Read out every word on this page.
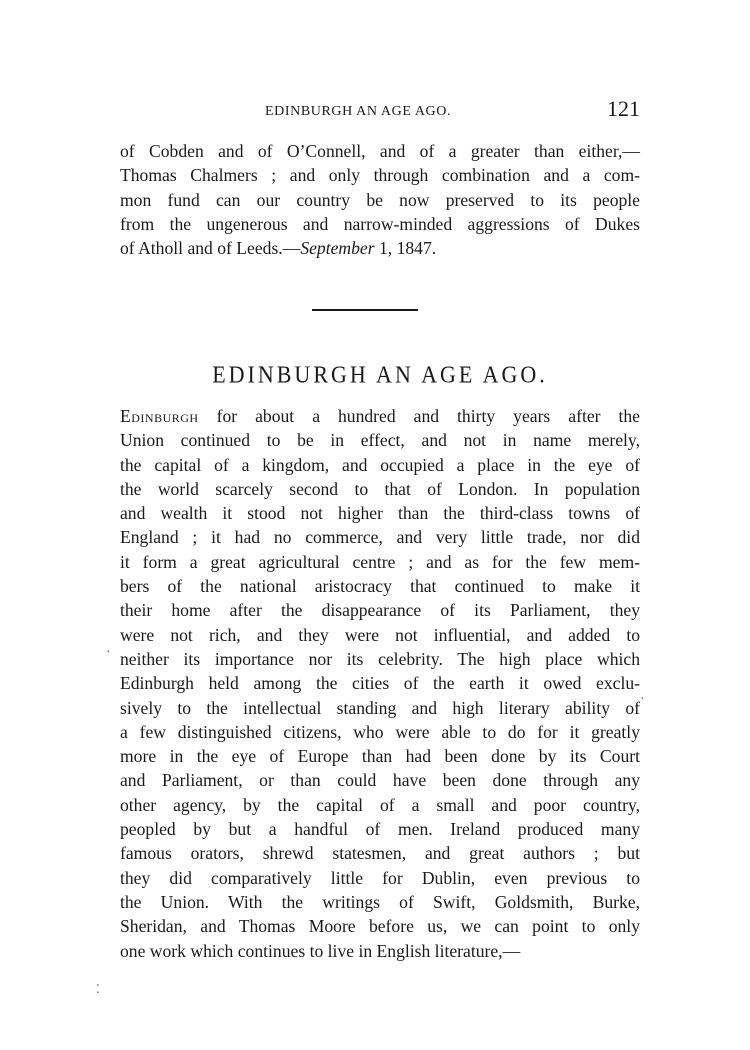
EDINBURGH AN AGE AGO.	121
of Cobden and of O’Connell, and of a greater than either,—
Thomas Chalmers ; and only through combination and a com-
mon fund can our country be now preserved to its people
from the ungenerous and narrow-minded aggressions of Dukes
of Atholl and of Leeds.—September 1, 1847.
EDINBURGH AN AGE AGO.
Edinburgh for about a hundred and thirty years after the
Union continued to be in effect, and not in name merely,
the capital of a kingdom, and occupied a place in the eye of
the world scarcely second to that of London. In population
and wealth it stood not higher than the third-class towns of
England ; it had no commerce, and very little trade, nor did
it form a great agricultural centre ; and as for the few mem-
bers of the national aristocracy that continued to make it
their home after the disappearance of its Parliament, they
were not rich, and they were not influential, and added to
neither its importance nor its celebrity. The high place which
Edinburgh held among the cities of the earth it owed exclu-
sively to the intellectual standing and high literary ability of
a few distinguished citizens, who were able to do for it greatly
more in the eye of Europe than had been done by its Court
and Parliament, or than could have been done through any
other agency, by the capital of a small and poor country,
peopled by but a handful of men. Ireland produced many
famous orators, shrewd statesmen, and great authors ; but
they did comparatively little for Dublin, even previous to
the Union. With the writings of Swift, Goldsmith, Burke,
Sheridan, and Thomas Moore before us, we can point to only
one work which continues to live in English literature,—
·
·
⁚
